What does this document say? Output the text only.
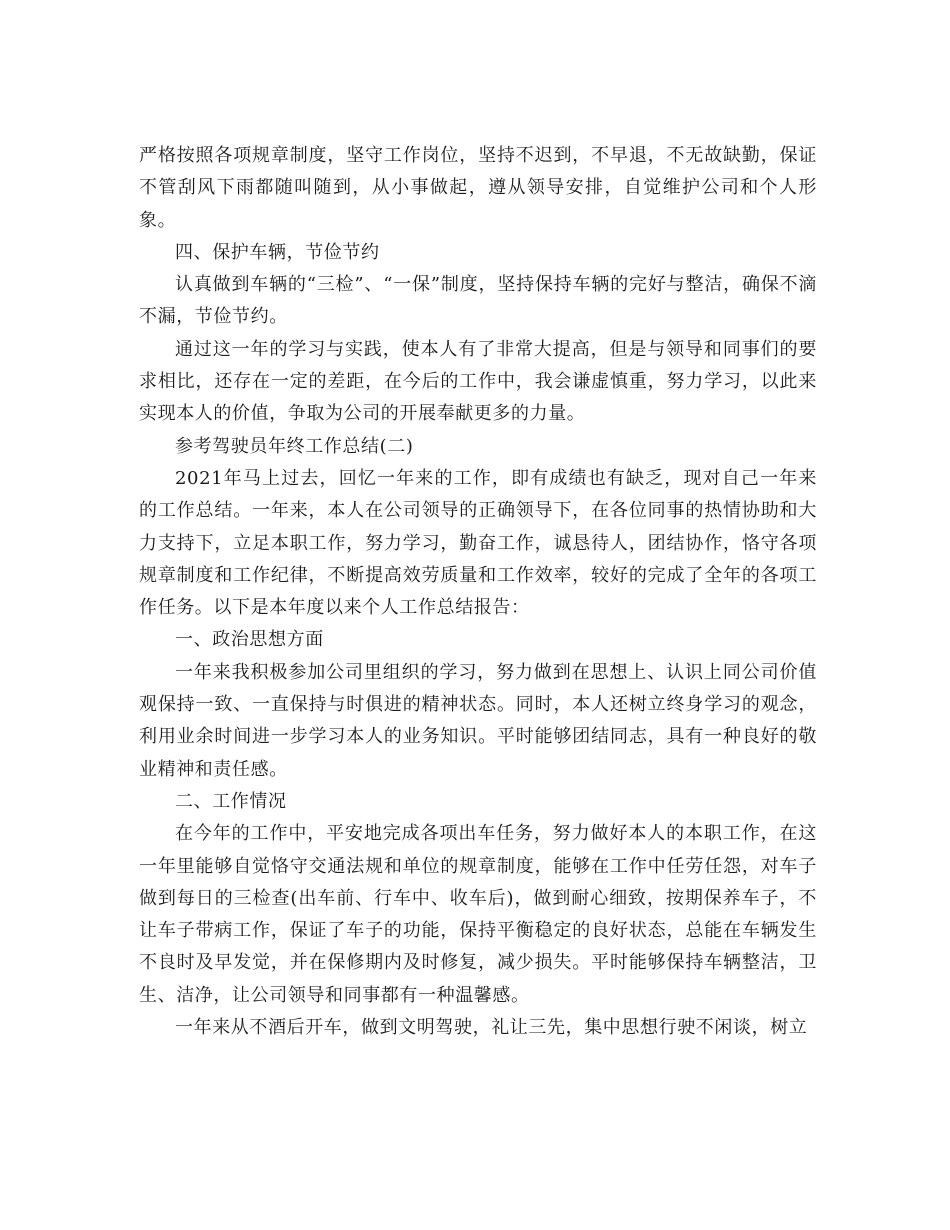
严格按照各项规章制度，坚守工作岗位，坚持不迟到，不早退，不无故缺勤，保证不管刮风下雨都随叫随到，从小事做起，遵从领导安排，自觉维护公司和个人形象。

四、保护车辆，节俭节约

认真做到车辆的“三检”、“一保”制度，坚持保持车辆的完好与整洁，确保不滴不漏，节俭节约。

通过这一年的学习与实践，使本人有了非常大提高，但是与领导和同事们的要求相比，还存在一定的差距，在今后的工作中，我会谦虚慎重，努力学习，以此来实现本人的价值，争取为公司的开展奉献更多的力量。

参考驾驶员年终工作总结(二)

2021年马上过去，回忆一年来的工作，即有成绩也有缺乏，现对自己一年来的工作总结。一年来，本人在公司领导的正确领导下，在各位同事的热情协助和大力支持下，立足本职工作，努力学习，勤奋工作，诚恳待人，团结协作，恪守各项规章制度和工作纪律，不断提高效劳质量和工作效率，较好的完成了全年的各项工作任务。以下是本年度以来个人工作总结报告：

一、政治思想方面

一年来我积极参加公司里组织的学习，努力做到在思想上、认识上同公司价值观保持一致、一直保持与时俱进的精神状态。同时，本人还树立终身学习的观念，利用业余时间进一步学习本人的业务知识。平时能够团结同志，具有一种良好的敬业精神和责任感。

二、工作情况

在今年的工作中，平安地完成各项出车任务，努力做好本人的本职工作，在这一年里能够自觉恪守交通法规和单位的规章制度，能够在工作中任劳任怨，对车子做到每日的三检查(出车前、行车中、收车后)，做到耐心细致，按期保养车子，不让车子带病工作，保证了车子的功能，保持平衡稳定的良好状态，总能在车辆发生不良时及早发觉，并在保修期内及时修复，减少损失。平时能够保持车辆整洁，卫生、洁净，让公司领导和同事都有一种温馨感。

一年来从不酒后开车，做到文明驾驶，礼让三先，集中思想行驶不闲谈，树立
